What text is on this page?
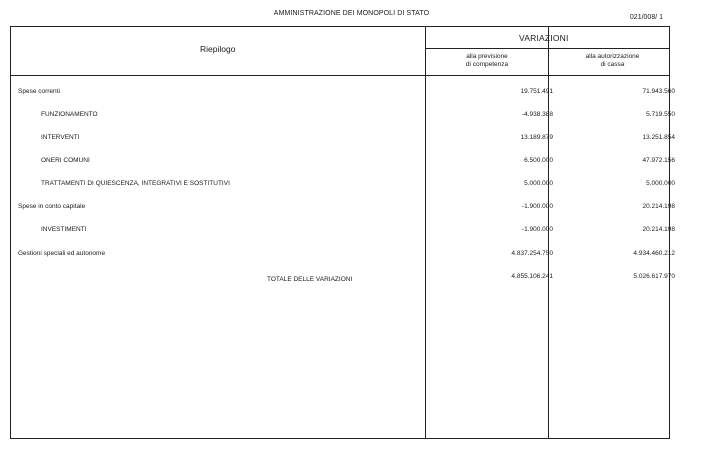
AMMINISTRAZIONE DEI MONOPOLI DI STATO
021/008/ 1
Riepilogo
VARIAZIONI
alla previsione
di competenza
alla autorizzazione
di cassa
Spese correnti	19.751.491	71.943.560
FUNZIONAMENTO	-4.938.388	5.719.550
INTERVENTI	13.189.879	13.251.854
ONERI COMUNI	6.500.000	47.972.156
TRATTAMENTI DI QUIESCENZA, INTEGRATIVI E SOSTITUTIVI	5.000.000	5.000.000
Spese in conto capitale	-1.900.000	20.214.198
INVESTIMENTI	-1.900.000	20.214.198
Gestioni speciali ed autonome	4.837.254.750	4.934.460.212
TOTALE DELLE VARIAZIONI	4.855.106.241	5.026.617.970
